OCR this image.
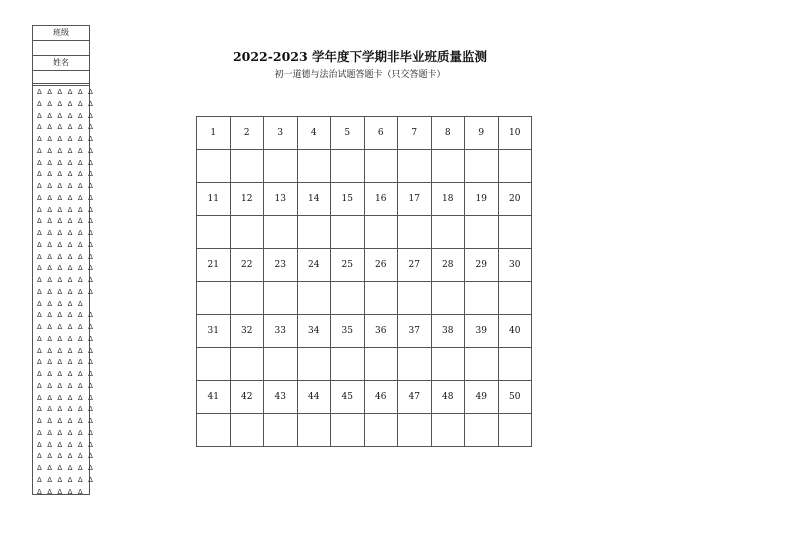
班级
姓名
Δ Δ Δ Δ Δ Δ
Δ Δ Δ Δ Δ Δ
Δ Δ Δ Δ Δ Δ
Δ Δ Δ Δ Δ Δ
Δ Δ Δ Δ Δ Δ
Δ Δ Δ Δ Δ Δ
Δ Δ Δ Δ Δ Δ
Δ Δ Δ Δ Δ Δ
Δ Δ Δ Δ Δ Δ
Δ Δ Δ Δ Δ Δ
Δ Δ Δ Δ Δ Δ
Δ Δ Δ Δ Δ Δ
Δ Δ Δ Δ Δ Δ
Δ Δ Δ Δ Δ Δ
Δ Δ Δ Δ Δ Δ
Δ Δ Δ Δ Δ Δ
Δ Δ Δ Δ Δ Δ
Δ Δ Δ Δ Δ Δ
Δ Δ Δ Δ Δ
Δ Δ Δ Δ Δ Δ
Δ Δ Δ Δ Δ Δ
Δ Δ Δ Δ Δ Δ
Δ Δ Δ Δ Δ Δ
Δ Δ Δ Δ Δ Δ
Δ Δ Δ Δ Δ Δ
Δ Δ Δ Δ Δ Δ
Δ Δ Δ Δ Δ Δ
Δ Δ Δ Δ Δ Δ
Δ Δ Δ Δ Δ Δ
Δ Δ Δ Δ Δ Δ
Δ Δ Δ Δ Δ Δ
Δ Δ Δ Δ Δ Δ
Δ Δ Δ Δ Δ Δ
Δ Δ Δ Δ Δ Δ
Δ Δ Δ Δ Δ
2022-2023 学年度下学期非毕业班质量监测
初一道德与法治试题答题卡（只交答题卡）
1	2	3	4	5	6	7	8	9	10

11	12	13	14	15	16	17	18	19	20

21	22	23	24	25	26	27	28	29	30

31	32	33	34	35	36	37	38	39	40

41	42	43	44	45	46	47	48	49	50
